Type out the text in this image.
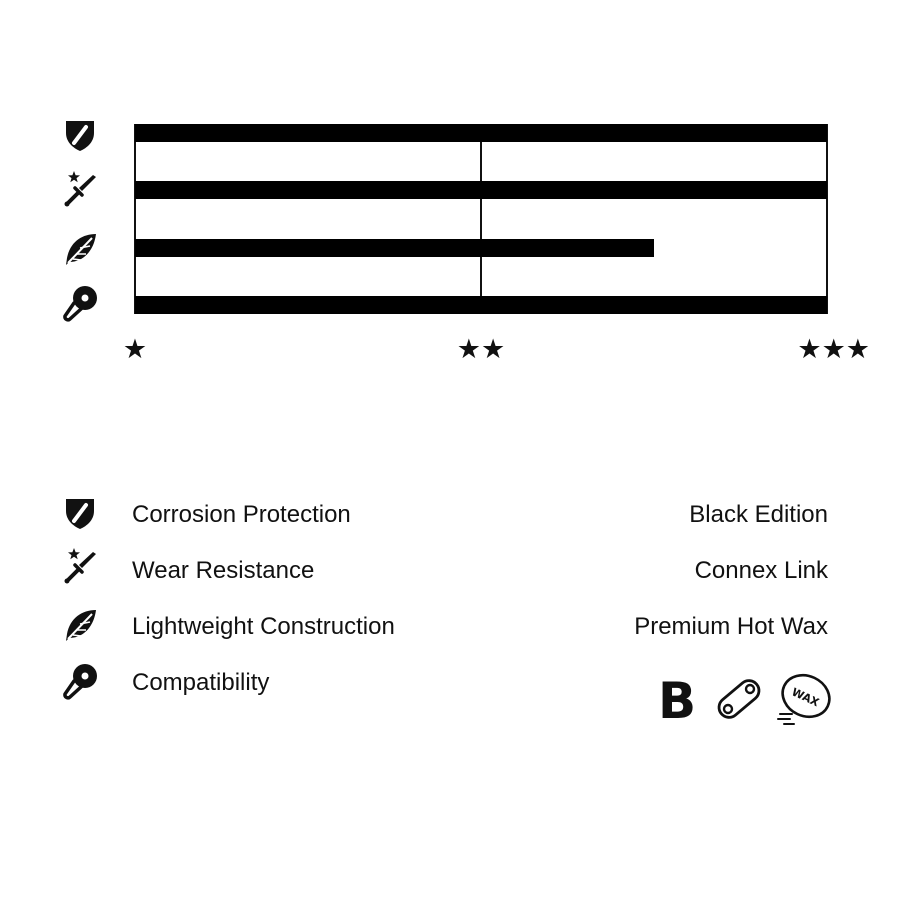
★	★★	★★★
Corrosion Protection
Wear Resistance
Lightweight Construction
Compatibility
Black Edition
Connex Link
Premium Hot Wax
B	WAX
